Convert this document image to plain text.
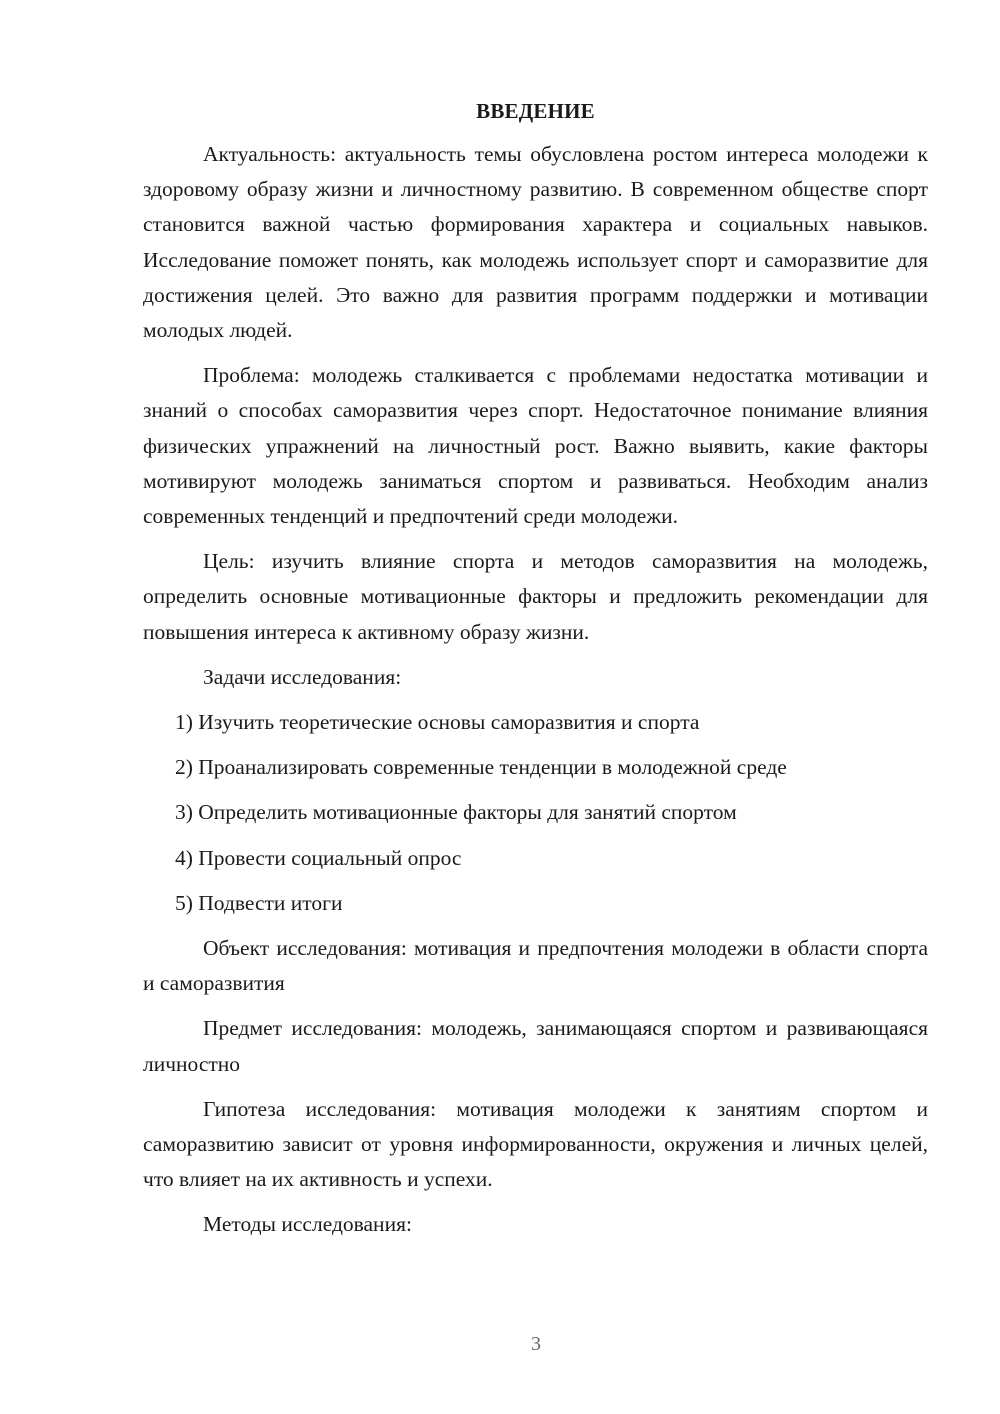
ВВЕДЕНИЕ

Актуальность: актуальность темы обусловлена ростом интереса молодежи к здоровому образу жизни и личностному развитию. В современном обществе спорт становится важной частью формирования характера и социальных навыков. Исследование поможет понять, как молодежь использует спорт и саморазвитие для достижения целей. Это важно для развития программ поддержки и мотивации молодых людей.

Проблема: молодежь сталкивается с проблемами недостатка мотивации и знаний о способах саморазвития через спорт. Недостаточное понимание влияния физических упражнений на личностный рост. Важно выявить, какие факторы мотивируют молодежь заниматься спортом и развиваться. Необходим анализ современных тенденций и предпочтений среди молодежи.

Цель: изучить влияние спорта и методов саморазвития на молодежь, определить основные мотивационные факторы и предложить рекомендации для повышения интереса к активному образу жизни.

Задачи исследования:
1) Изучить теоретические основы саморазвития и спорта
2) Проанализировать современные тенденции в молодежной среде
3) Определить мотивационные факторы для занятий спортом
4) Провести социальный опрос
5) Подвести итоги

Объект исследования: мотивация и предпочтения молодежи в области спорта и саморазвития

Предмет исследования: молодежь, занимающаяся спортом и развивающаяся личностно

Гипотеза исследования: мотивация молодежи к занятиям спортом и саморазвитию зависит от уровня информированности, окружения и личных целей, что влияет на их активность и успехи.

Методы исследования:
3
